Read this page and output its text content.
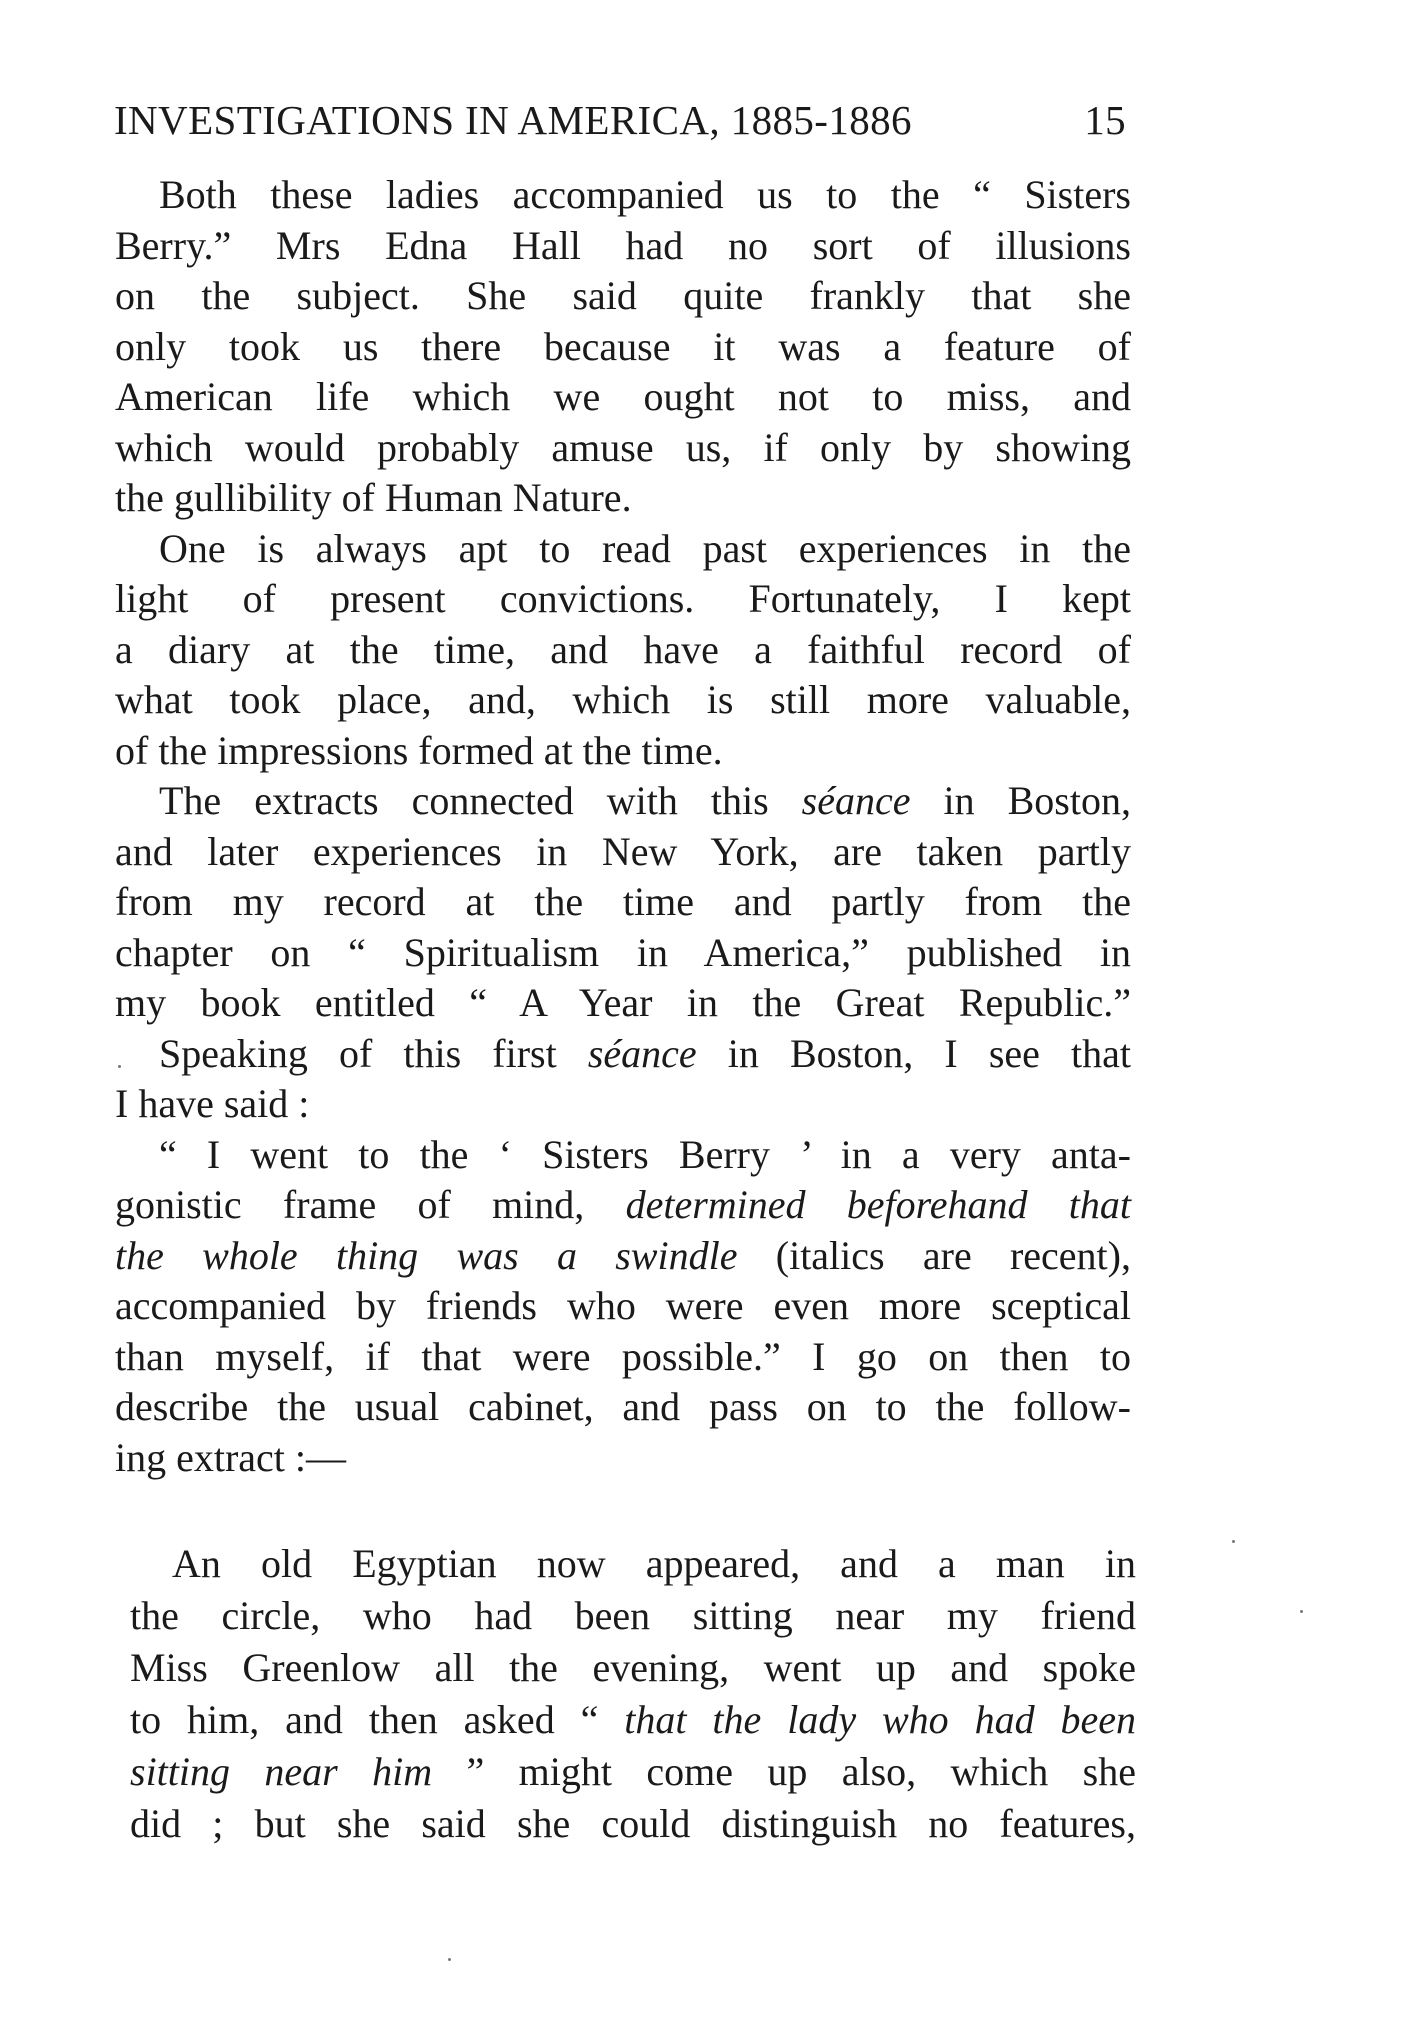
INVESTIGATIONS IN AMERICA, 1885-1886	15
Both these ladies accompanied us to the “ Sisters
Berry.” Mrs Edna Hall had no sort of illusions
on the subject. She said quite frankly that she
only took us there because it was a feature of
American life which we ought not to miss, and
which would probably amuse us, if only by showing
the gullibility of Human Nature.
One is always apt to read past experiences in the
light of present convictions. Fortunately, I kept
a diary at the time, and have a faithful record of
what took place, and, which is still more valuable,
of the impressions formed at the time.
The extracts connected with this séance in Boston,
and later experiences in New York, are taken partly
from my record at the time and partly from the
chapter on “ Spiritualism in America,” published in
my book entitled “ A Year in the Great Republic.”
Speaking of this first séance in Boston, I see that
I have said :
“ I went to the ‘ Sisters Berry ’ in a very anta-
gonistic frame of mind, determined beforehand that
the whole thing was a swindle (italics are recent),
accompanied by friends who were even more sceptical
than myself, if that were possible.” I go on then to
describe the usual cabinet, and pass on to the follow-
ing extract :—
An old Egyptian now appeared, and a man in
the circle, who had been sitting near my friend
Miss Greenlow all the evening, went up and spoke
to him, and then asked “ that the lady who had been
sitting near him ” might come up also, which she
did ; but she said she could distinguish no features,
